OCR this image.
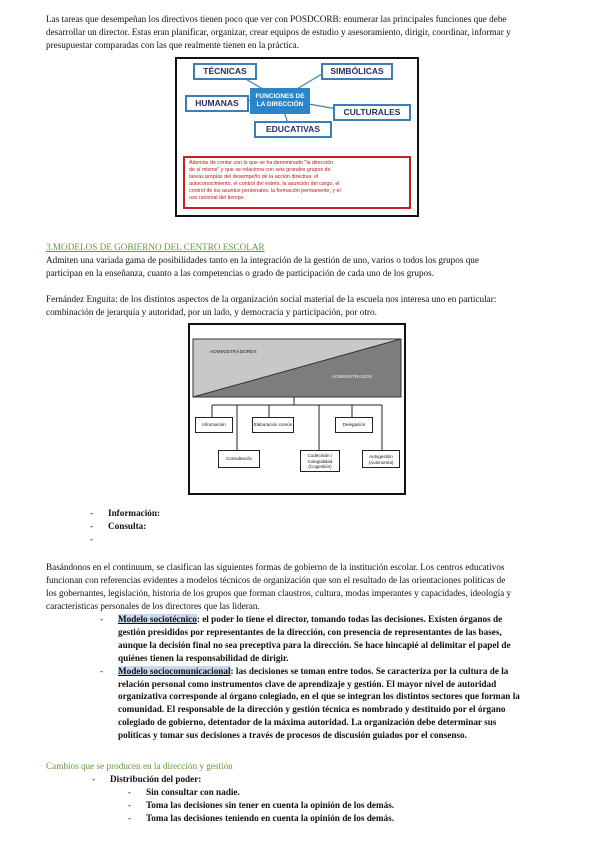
Las tareas que desempeñan los directivos tienen poco que ver con POSDCORB: enumerar las principales funciones que debe
desarrollar un director. Estas eran planificar, organizar, crear equipos de estudio y asesoramiento, dirigir, coordinar, informar y
presupuestar comparadas con las que realmente tienen en la práctica.
TÉCNICAS	SIMBÓLICAS
HUMANAS
CULTURALES
EDUCATIVAS
FUNCIONES DE
LA DIRECCIÓN
Además de contar con lo que se ha denominado "la dirección
de sí mismo" y que se relaciona con seis grandes grupos de
tareas propias del desempeño de la acción directiva: el
autoconocimiento, el control del estrés, la asunción del cargo, el
control de los asuntos personales, la formación permanente, y el
uso racional del tiempo.
3.MODELOS DE GOBIERNO DEL CENTRO ESCOLAR
Admiten una variada gama de posibilidades tanto en la integración de la gestión de uno, varios o todos los grupos que
participan en la enseñanza, cuanto a las competencias o grado de participación de cada uno de los grupos.
Fernández Enguita: de los distintos aspectos de la organización social material de la escuela nos interesa uno en particular:
combinación de jerarquía y autoridad, por un lado, y democracia y participación, por otro.
ADMINISTRADORES
ADMINISTRADOS
Información	Elaboración común	Delegación
Consultación
Codecisión /
Colegialidad
(Cogestión)
Autogestión
(Autonomía)
- Información:
- Consulta:
-
Basándonos en el continuum, se clasifican las siguientes formas de gobierno de la institución escolar. Los centros educativos
funcionan con referencias evidentes a modelos técnicos de organización que son el resultado de las orientaciones políticas de
los gobernantes, legislación, historia de los grupos que forman claustros, cultura, modas imperantes y capacidades, ideología y
características personales de los directores que las lideran.
- Modelo sociotécnico: el poder lo tiene el director, tomando todas las decisiones. Existen órganos de
gestión presididos por representantes de la dirección, con presencia de representantes de las bases,
aunque la decisión final no sea preceptiva para la dirección. Se hace hincapié al delimitar el papel de
quiénes tienen la responsabilidad de dirigir.
- Modelo sociocomunicacional: las decisiones se toman entre todos. Se caracteriza por la cultura de la
relación personal como instrumentos clave de aprendizaje y gestión. El mayor nivel de autoridad
organizativa corresponde al órgano colegiado, en el que se integran los distintos sectores que forman la
comunidad. El responsable de la dirección y gestión técnica es nombrado y destituido por el órgano
colegiado de gobierno, detentador de la máxima autoridad. La organización debe determinar sus
políticas y tomar sus decisiones a través de procesos de discusión guiados por el consenso.
Cambios que se producen en la dirección y gestión
- Distribución del poder:
- Sin consultar con nadie.
- Toma las decisiones sin tener en cuenta la opinión de los demás.
- Toma las decisiones teniendo en cuenta la opinión de los demás.
